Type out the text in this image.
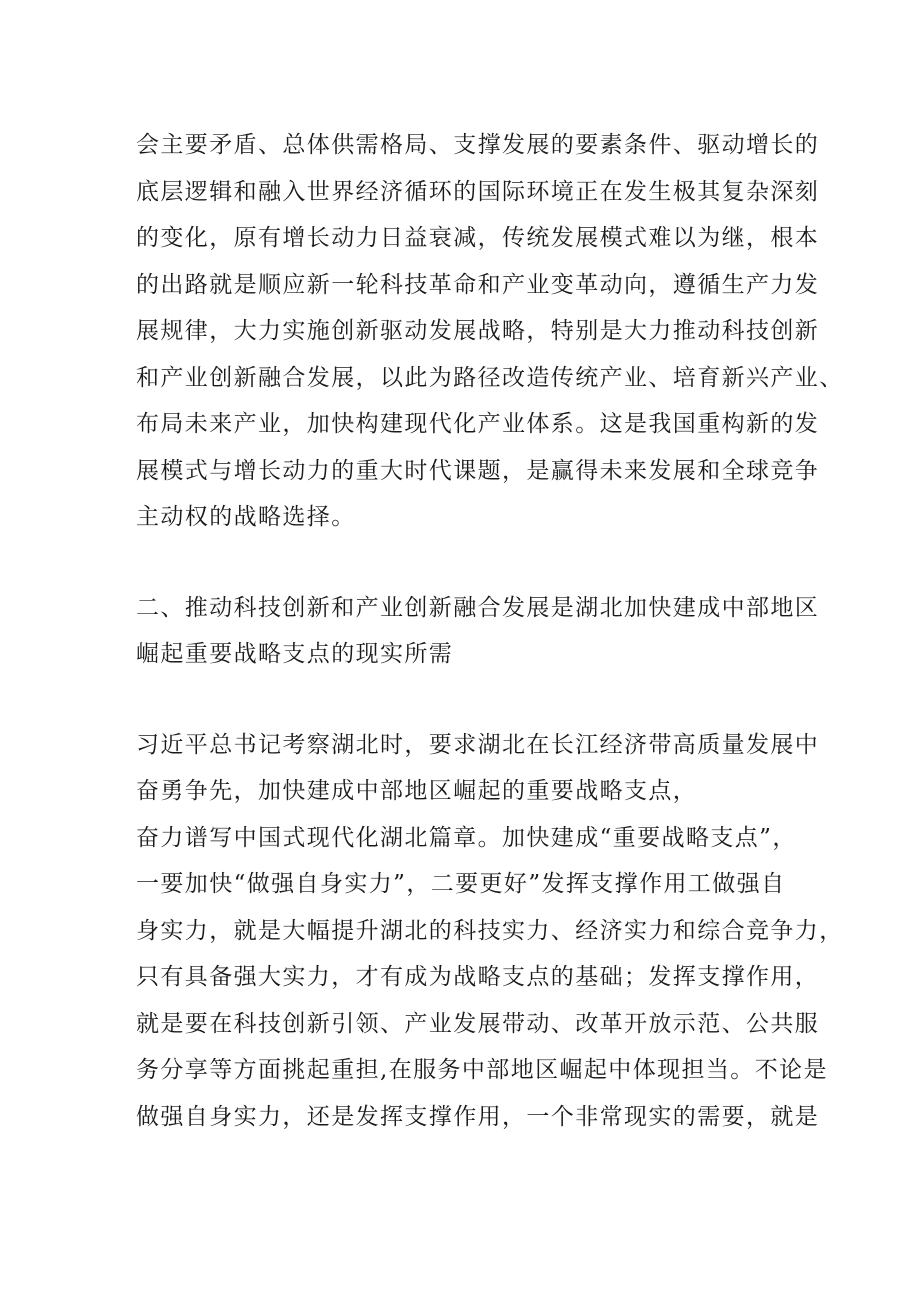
会主要矛盾、总体供需格局、支撑发展的要素条件、驱动增长的
底层逻辑和融入世界经济循环的国际环境正在发生极其复杂深刻
的变化，原有增长动力日益衰减，传统发展模式难以为继，根本
的出路就是顺应新一轮科技革命和产业变革动向，遵循生产力发
展规律，大力实施创新驱动发展战略，特别是大力推动科技创新
和产业创新融合发展，以此为路径改造传统产业、培育新兴产业、
布局未来产业，加快构建现代化产业体系。这是我国重构新的发
展模式与增长动力的重大时代课题，是赢得未来发展和全球竞争
主动权的战略选择。
二、推动科技创新和产业创新融合发展是湖北加快建成中部地区
崛起重要战略支点的现实所需
习近平总书记考察湖北时，要求湖北在长江经济带高质量发展中
奋勇争先，加快建成中部地区崛起的重要战略支点，
奋力谱写中国式现代化湖北篇章。加快建成“重要战略支点”，
一要加快“做强自身实力”，二要更好”发挥支撑作用工做强自
身实力，就是大幅提升湖北的科技实力、经济实力和综合竞争力，
只有具备强大实力，才有成为战略支点的基础；发挥支撑作用，
就是要在科技创新引领、产业发展带动、改革开放示范、公共服
务分享等方面挑起重担,在服务中部地区崛起中体现担当。不论是
做强自身实力，还是发挥支撑作用，一个非常现实的需要，就是
